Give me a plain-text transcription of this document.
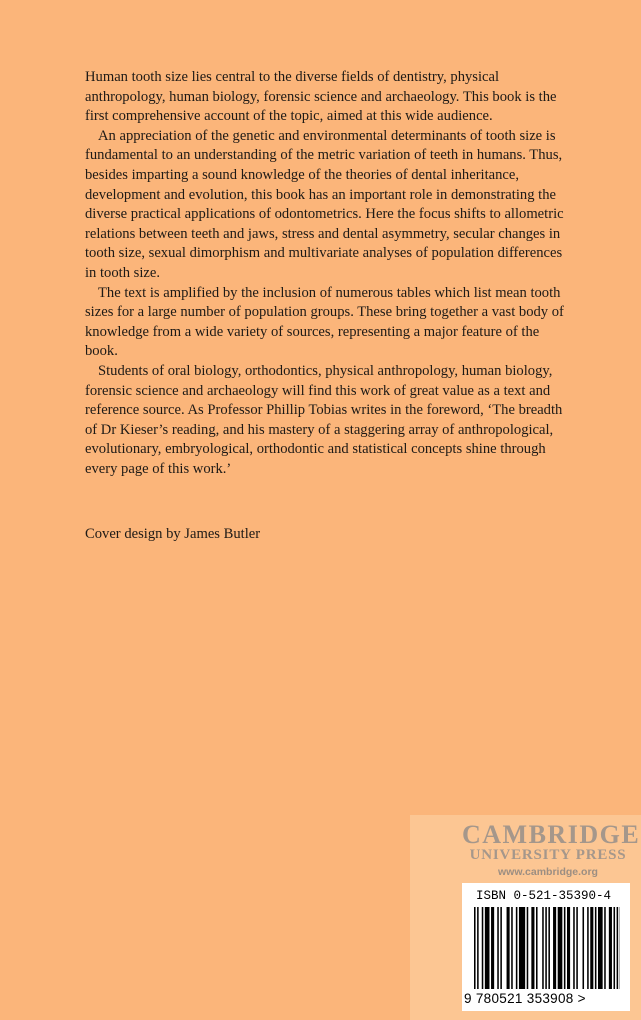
Human tooth size lies central to the diverse fields of dentistry, physical anthropology, human biology, forensic science and archaeology. This book is the first comprehensive account of the topic, aimed at this wide audience.

An appreciation of the genetic and environmental determinants of tooth size is fundamental to an understanding of the metric variation of teeth in humans. Thus, besides imparting a sound knowledge of the theories of dental inheritance, development and evolution, this book has an important role in demonstrating the diverse practical applications of odontometrics. Here the focus shifts to allometric relations between teeth and jaws, stress and dental asymmetry, secular changes in tooth size, sexual dimorphism and multivariate analyses of population differences in tooth size.

The text is amplified by the inclusion of numerous tables which list mean tooth sizes for a large number of population groups. These bring together a vast body of knowledge from a wide variety of sources, representing a major feature of the book.

Students of oral biology, orthodontics, physical anthropology, human biology, forensic science and archaeology will find this work of great value as a text and reference source. As Professor Phillip Tobias writes in the foreword, ‘The breadth of Dr Kieser’s reading, and his mastery of a staggering array of anthropological, evolutionary, embryological, orthodontic and statistical concepts shine through every page of this work.’

Cover design by James Butler
CAMBRIDGE
UNIVERSITY PRESS
www.cambridge.org
ISBN 0-521-35390-4
9 780521 353908 >
